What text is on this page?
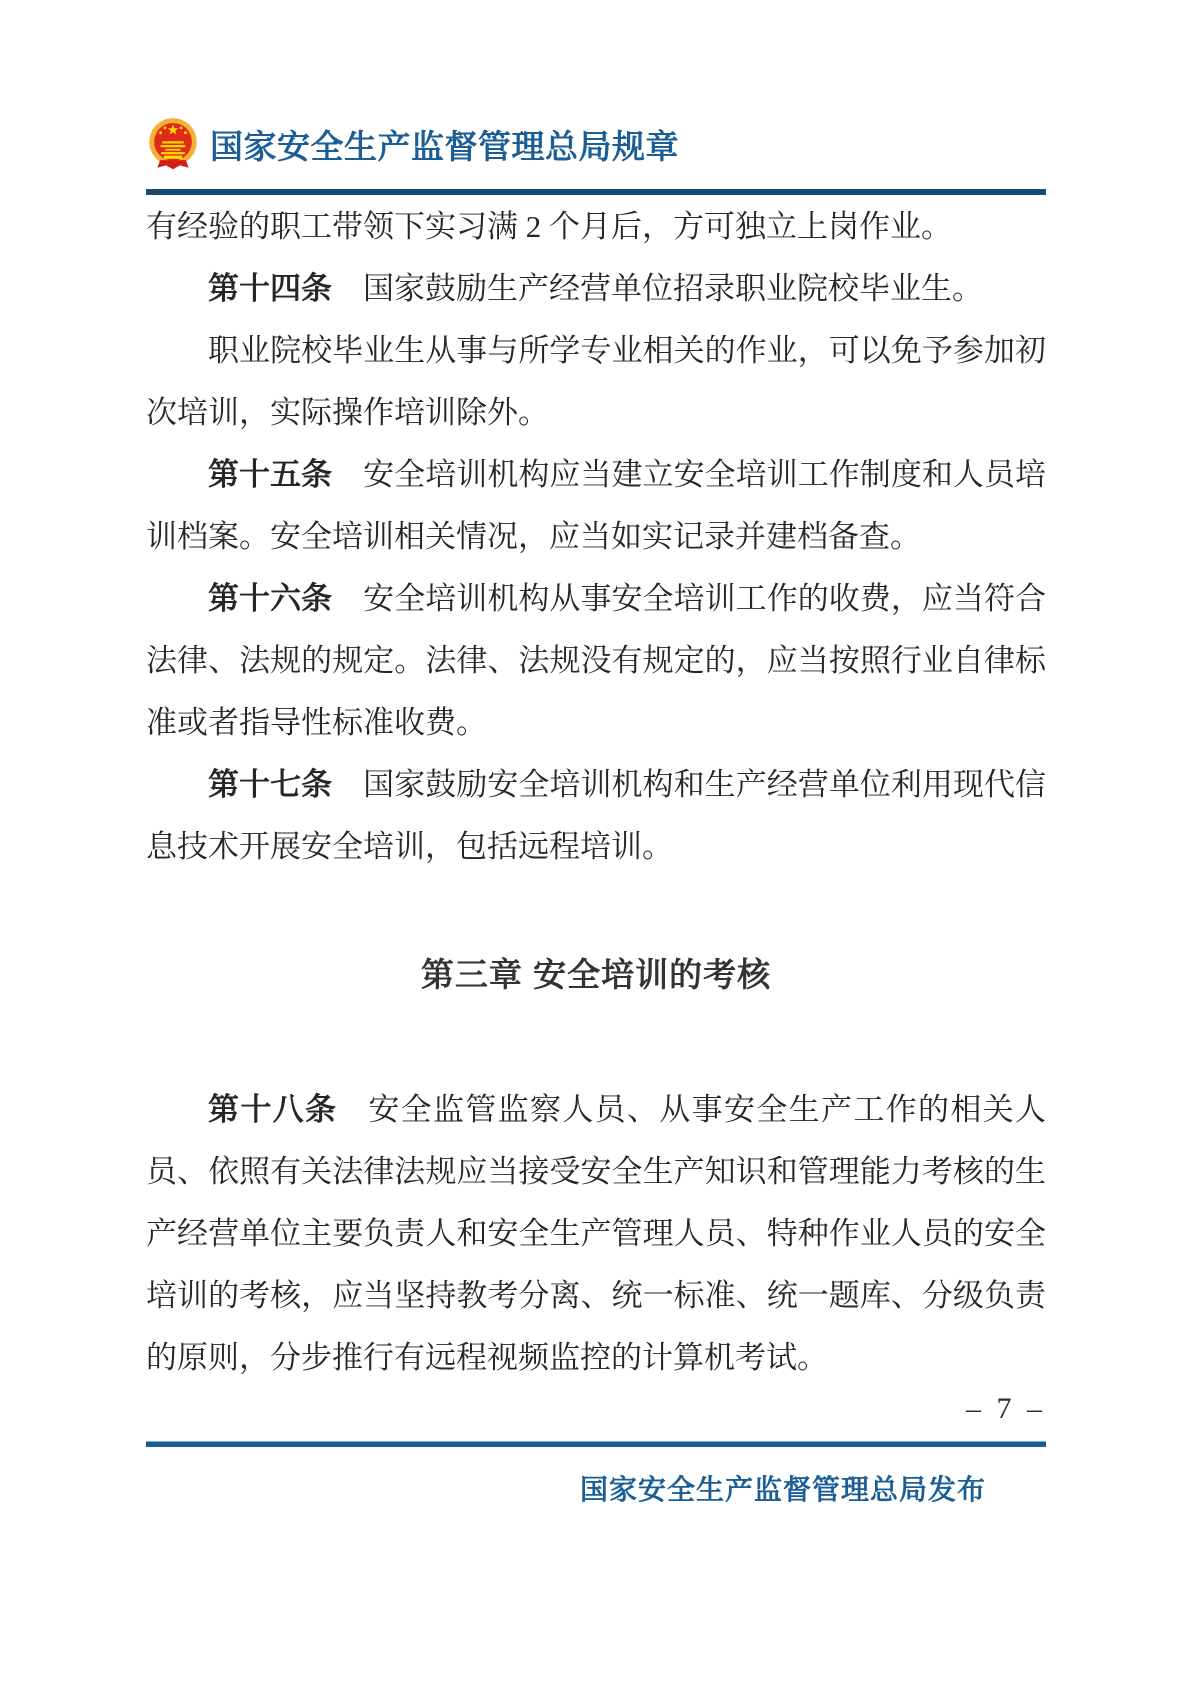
国家安全生产监督管理总局规章

有经验的职工带领下实习满 2 个月后，方可独立上岗作业。

第十四条 国家鼓励生产经营单位招录职业院校毕业生。

职业院校毕业生从事与所学专业相关的作业，可以免予参加初次培训，实际操作培训除外。

第十五条 安全培训机构应当建立安全培训工作制度和人员培训档案。安全培训相关情况，应当如实记录并建档备查。

第十六条 安全培训机构从事安全培训工作的收费，应当符合法律、法规的规定。法律、法规没有规定的，应当按照行业自律标准或者指导性标准收费。

第十七条 国家鼓励安全培训机构和生产经营单位利用现代信息技术开展安全培训，包括远程培训。

第三章 安全培训的考核

第十八条 安全监管监察人员、从事安全生产工作的相关人员、依照有关法律法规应当接受安全生产知识和管理能力考核的生产经营单位主要负责人和安全生产管理人员、特种作业人员的安全培训的考核，应当坚持教考分离、统一标准、统一题库、分级负责的原则，分步推行有远程视频监控的计算机考试。

– 7 –
国家安全生产监督管理总局发布
